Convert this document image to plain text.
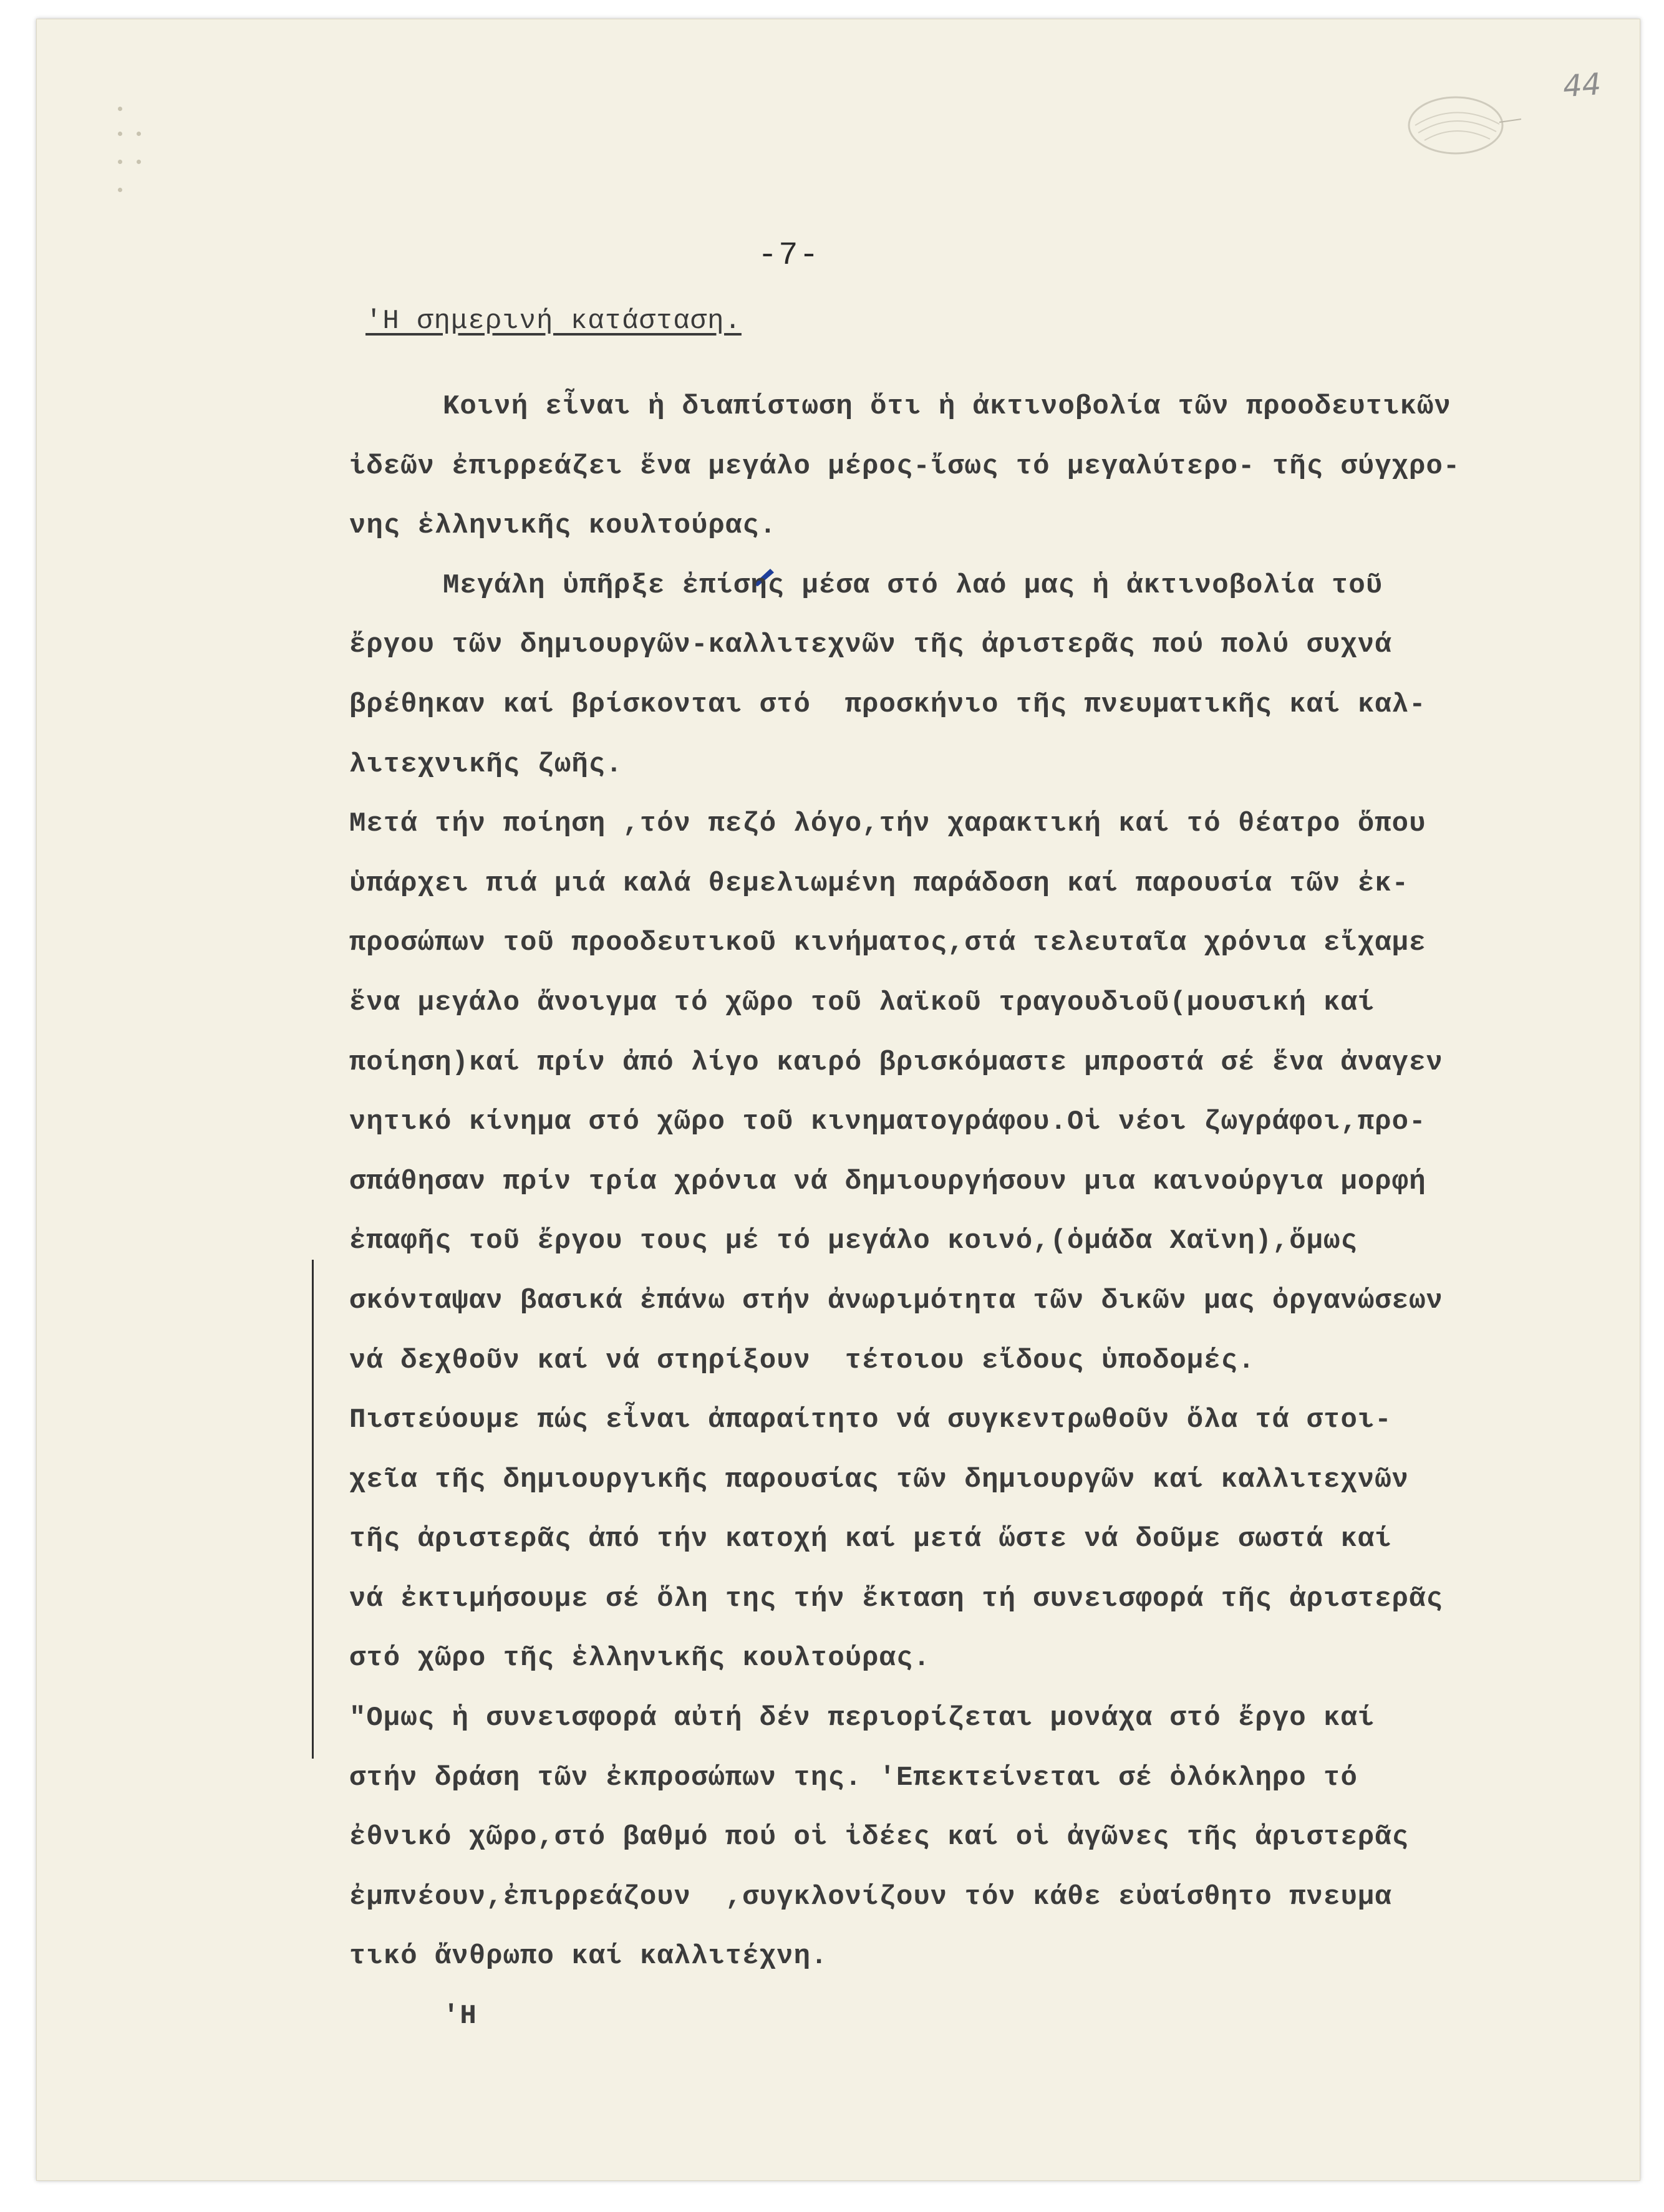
44
-7-
'Η σημερινή κατάσταση.
Κοινή εἶναι ἡ διαπίστωση ὅτι ἡ ἀκτινοβολία τῶν προοδευτικῶν
ἰδεῶν ἐπιρρεάζει ἕνα μεγάλο μέρος-ἴσως τό μεγαλύτερο- τῆς σύγχρο-
νης ἑλληνικῆς κουλτούρας.
Μεγάλη ὑπῆρξε ἐπίσης μέσα στό λαό μας ἡ ἀκτινοβολία τοῦ
ἔργου τῶν δημιουργῶν-καλλιτεχνῶν τῆς ἀριστερᾶς πού πολύ συχνά
βρέθηκαν καί βρίσκονται στό  προσκήνιο τῆς πνευματικῆς καί καλ-
λιτεχνικῆς ζωῆς.
Μετά τήν ποίηση ,τόν πεζό λόγο,τήν χαρακτική καί τό θέατρο ὅπου
ὑπάρχει πιά μιά καλά θεμελιωμένη παράδοση καί παρουσία τῶν ἐκ-
προσώπων τοῦ προοδευτικοῦ κινήματος,στά τελευταῖα χρόνια εἴχαμε
ἕνα μεγάλο ἄνοιγμα τό χῶρο τοῦ λαϊκοῦ τραγουδιοῦ(μουσική καί
ποίηση)καί πρίν ἀπό λίγο καιρό βρισκόμαστε μπροστά σέ ἕνα ἀναγεν
νητικό κίνημα στό χῶρο τοῦ κινηματογράφου.Οἱ νέοι ζωγράφοι,προ-
σπάθησαν πρίν τρία χρόνια νά δημιουργήσουν μια καινούργια μορφή
ἐπαφῆς τοῦ ἔργου τους μέ τό μεγάλο κοινό,(ὁμάδα Χαϊνη),ὅμως
σκόνταψαν βασικά ἐπάνω στήν ἀνωριμότητα τῶν δικῶν μας ὀργανώσεων
νά δεχθοῦν καί νά στηρίξουν  τέτοιου εἴδους ὑποδομές.
Πιστεύουμε πώς εἶναι ἀπαραίτητο νά συγκεντρωθοῦν ὅλα τά στοι-
χεῖα τῆς δημιουργικῆς παρουσίας τῶν δημιουργῶν καί καλλιτεχνῶν
τῆς ἀριστερᾶς ἀπό τήν κατοχή καί μετά ὥστε νά δοῦμε σωστά καί
νά ἐκτιμήσουμε σέ ὅλη της τήν ἔκταση τή συνεισφορά τῆς ἀριστερᾶς
στό χῶρο τῆς ἑλληνικῆς κουλτούρας.
"Ομως ἡ συνεισφορά αὐτή δέν περιορίζεται μονάχα στό ἔργο καί
στήν δράση τῶν ἐκπροσώπων της. 'Επεκτείνεται σέ ὁλόκληρο τό
ἐθνικό χῶρο,στό βαθμό πού οἱ ἰδέες καί οἱ ἀγῶνες τῆς ἀριστερᾶς
ἐμπνέουν,ἐπιρρεάζουν  ,συγκλονίζουν τόν κάθε εὐαίσθητο πνευμα
τικό ἄνθρωπο καί καλλιτέχνη.
'Η
